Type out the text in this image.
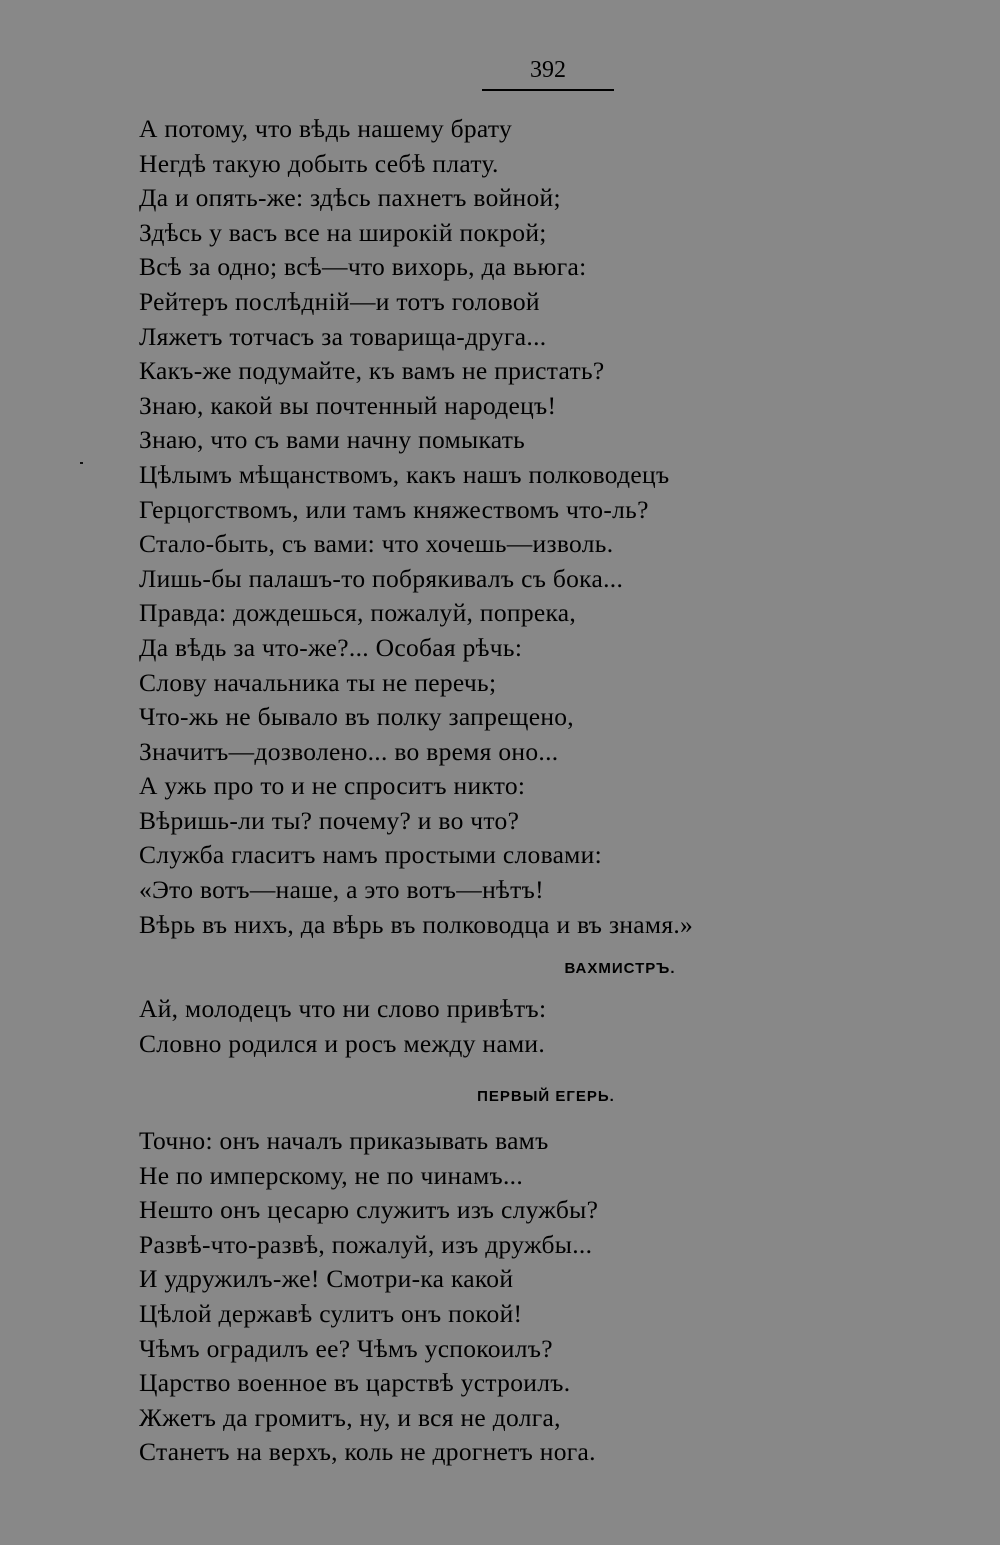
392
А потому, что вѣдь нашему брату
Негдѣ такую добыть себѣ плату.
Да и опять-же: здѣсь пахнетъ войной;
Здѣсь у васъ все на широкій покрой;
Всѣ за одно; всѣ—что вихорь, да вьюга:
Рейтеръ послѣдній—и тотъ головой
Ляжетъ тотчасъ за товарища-друга...
Какъ-же подумайте, къ вамъ не пристать?
Знаю, какой вы почтенный народецъ!
Знаю, что съ вами начну помыкать
Цѣлымъ мѣщанствомъ, какъ нашъ полководецъ
Герцогствомъ, или тамъ княжествомъ что-ль?
Стало-быть, съ вами: что хочешь—изволь.
Лишь-бы палашъ-то побрякивалъ съ бока...
Правда: дождешься, пожалуй, попрека,
Да вѣдь за что-же?... Особая рѣчь:
Слову начальника ты не перечь;
Что-жь не бывало въ полку запрещено,
Значитъ—дозволено... во время оно...
А ужь про то и не спроситъ никто:
Вѣришь-ли ты? почему? и во что?
Служба гласитъ намъ простыми словами:
«Это вотъ—наше, а это вотъ—нѣтъ!
Вѣрь въ нихъ, да вѣрь въ полководца и въ знамя.»
ВАХМИСТРЪ.
Ай, молодецъ что ни слово привѣтъ:
Словно родился и росъ между нами.
ПЕРВЫЙ ЕГЕРЬ.
Точно: онъ началъ приказывать вамъ
Не по имперскому, не по чинамъ...
Нешто онъ цесарю служитъ изъ службы?
Развѣ-что-развѣ, пожалуй, изъ дружбы...
И удружилъ-же! Смотри-ка какой
Цѣлой державѣ сулитъ онъ покой!
Чѣмъ оградилъ ее? Чѣмъ успокоилъ?
Царство военное въ царствѣ устроилъ.
Жжетъ да громитъ, ну, и вся не долга,
Станетъ на верхъ, коль не дрогнетъ нога.
